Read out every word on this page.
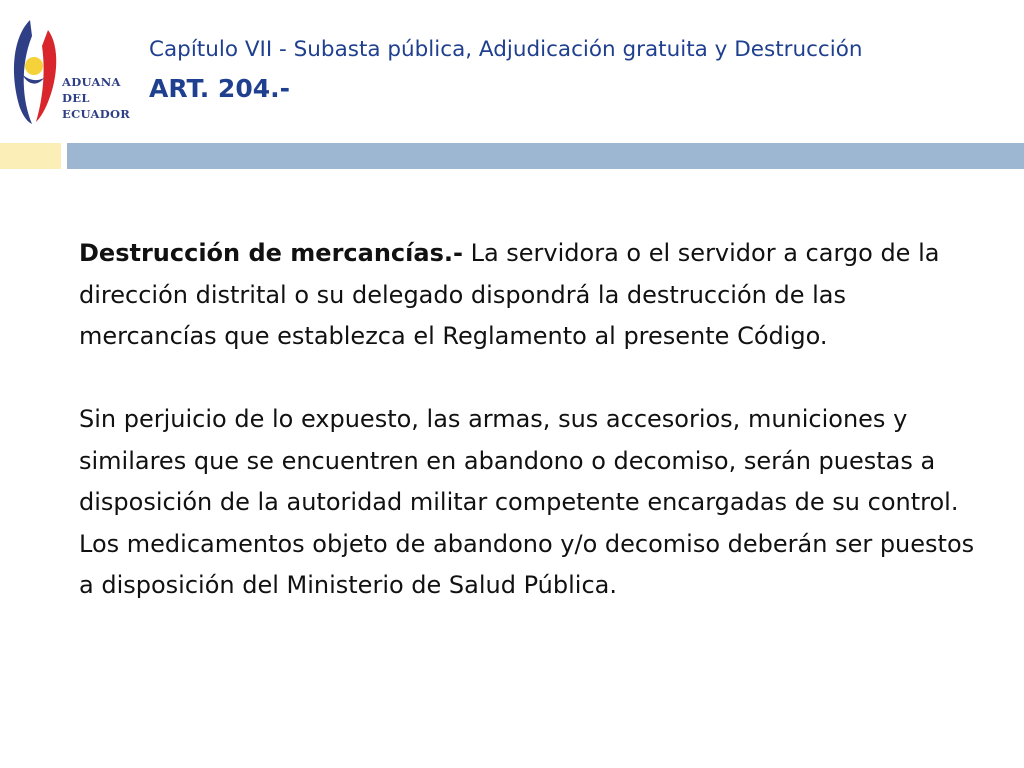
ADUANA
DEL
ECUADOR
Capítulo VII - Subasta pública, Adjudicación gratuita y Destrucción
ART. 204.-

Destrucción de mercancías.- La servidora o el servidor a cargo de la dirección distrital o su delegado dispondrá la destrucción de las mercancías que establezca el Reglamento al presente Código.

Sin perjuicio de lo expuesto, las armas, sus accesorios, municiones y similares que se encuentren en abandono o decomiso, serán puestas a disposición de la autoridad militar competente encargadas de su control. Los medicamentos objeto de abandono y/o decomiso deberán ser puestos a disposición del Ministerio de Salud Pública.
